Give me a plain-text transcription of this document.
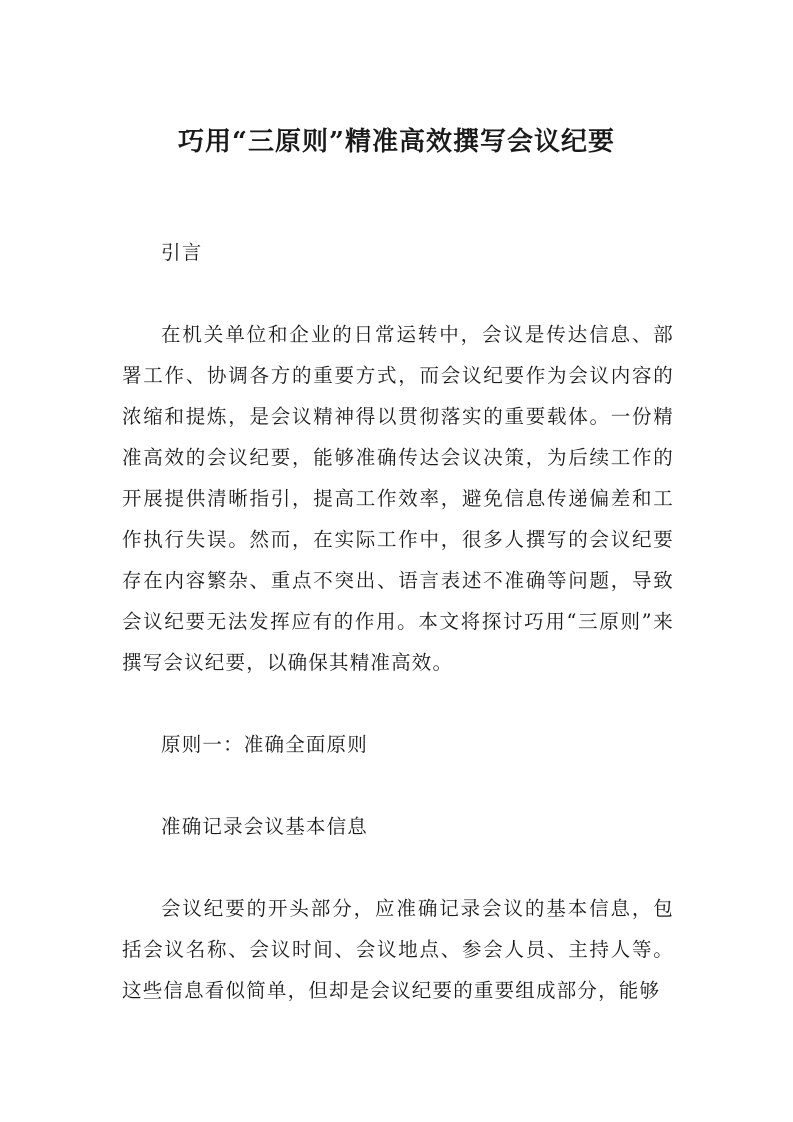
巧用“三原则”精准高效撰写会议纪要

引言

在机关单位和企业的日常运转中，会议是传达信息、部署工作、协调各方的重要方式，而会议纪要作为会议内容的浓缩和提炼，是会议精神得以贯彻落实的重要载体。一份精准高效的会议纪要，能够准确传达会议决策，为后续工作的开展提供清晰指引，提高工作效率，避免信息传递偏差和工作执行失误。然而，在实际工作中，很多人撰写的会议纪要存在内容繁杂、重点不突出、语言表述不准确等问题，导致会议纪要无法发挥应有的作用。本文将探讨巧用“三原则”来撰写会议纪要，以确保其精准高效。

原则一：准确全面原则

准确记录会议基本信息

会议纪要的开头部分，应准确记录会议的基本信息，包括会议名称、会议时间、会议地点、参会人员、主持人等。这些信息看似简单，但却是会议纪要的重要组成部分，能够
